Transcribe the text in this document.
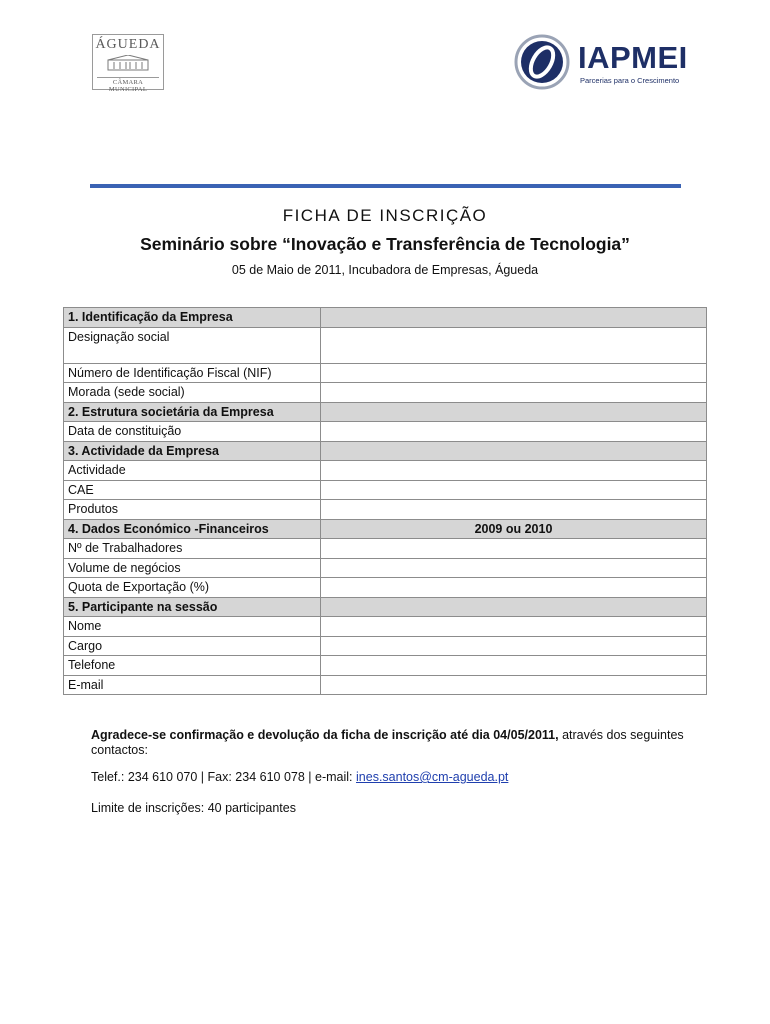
ÁGUEDA
CÂMARA MUNICIPAL
IAPMEI
Parcerias para o Crescimento
FICHA DE INSCRIÇÃO
Seminário sobre “Inovação e Transferência de Tecnologia”
05 de Maio de 2011, Incubadora de Empresas, Águeda
1. Identificação da Empresa	
Designação social	
Número de Identificação Fiscal (NIF)	
Morada (sede social)	
2. Estrutura societária da Empresa	
Data de constituição	
3. Actividade da Empresa	
Actividade	
CAE	
Produtos	
4. Dados Económico -Financeiros	2009 ou 2010
Nº de Trabalhadores	
Volume de negócios	
Quota de Exportação (%)	
5. Participante na sessão	
Nome	
Cargo	
Telefone	
E-mail	
Agradece-se confirmação e devolução da ficha de inscrição até dia 04/05/2011, através dos seguintes contactos:
Telef.: 234 610 070 | Fax: 234 610 078 | e-mail: ines.santos@cm-agueda.pt
Limite de inscrições: 40 participantes
